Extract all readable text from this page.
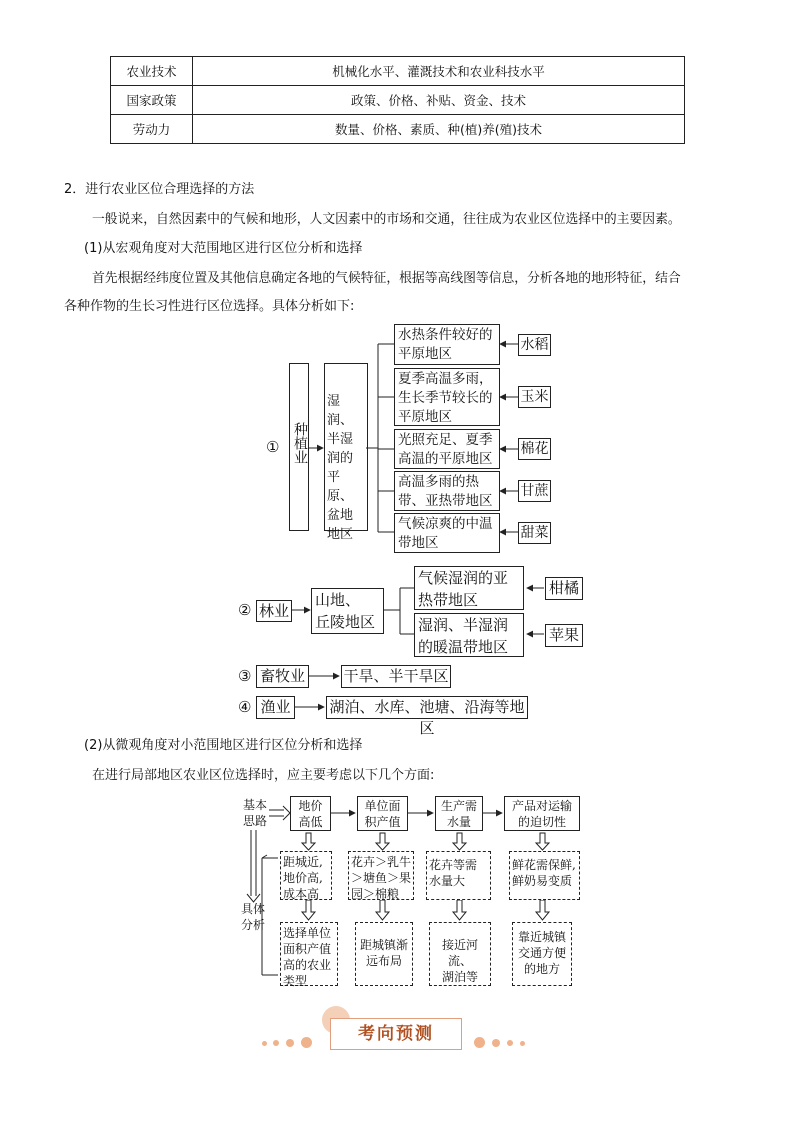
农业技术	机械化水平、灌溉技术和农业科技水平
国家政策	政策、价格、补贴、资金、技术
劳动力	数量、价格、素质、种(植)养(殖)技术
2．进行农业区位合理选择的方法
一般说来，自然因素中的气候和地形，人文因素中的市场和交通，往往成为农业区位选择中的主要因素。
(1)从宏观角度对大范围地区进行区位分析和选择
首先根据经纬度位置及其他信息确定各地的气候特征，根据等高线图等信息，分析各地的地形特征，结合
各种作物的生长习性进行区位选择。具体分析如下:
(2)从微观角度对小范围地区进行区位分析和选择
在进行局部地区农业区位选择时，应主要考虑以下几个方面:
① 种植业
湿润、半湿润的平原、盆地地区
水热条件较好的
平原地区
水稻
夏季高温多雨，
生长季节较长的
平原地区
玉米
光照充足、夏季
高温的平原地区
棉花
高温多雨的热
带、亚热带地区
甘蔗
气候凉爽的中温
带地区
甜菜
② 林业
山地、
丘陵地区
气候湿润的亚
热带地区
柑橘
湿润、半湿润
的暖温带地区
苹果
③ 畜牧业	干旱、半干旱区
④ 渔业	湖泊、水库、池塘、沿海等地区
基本
思路
具体
分析
地价
高低
单位面
积产值
生产需
水量
产品对运输
的迫切性
距城近,
地价高,
成本高
花卉＞乳牛
＞塘鱼＞果
园＞棉粮
花卉等需
水量大
鲜花需保鲜,
鲜奶易变质
选择单位
面积产值
高的农业
类型
距城镇渐
远布局
接近河流、
湖泊等
靠近城镇
交通方便
的地方
考向预测
